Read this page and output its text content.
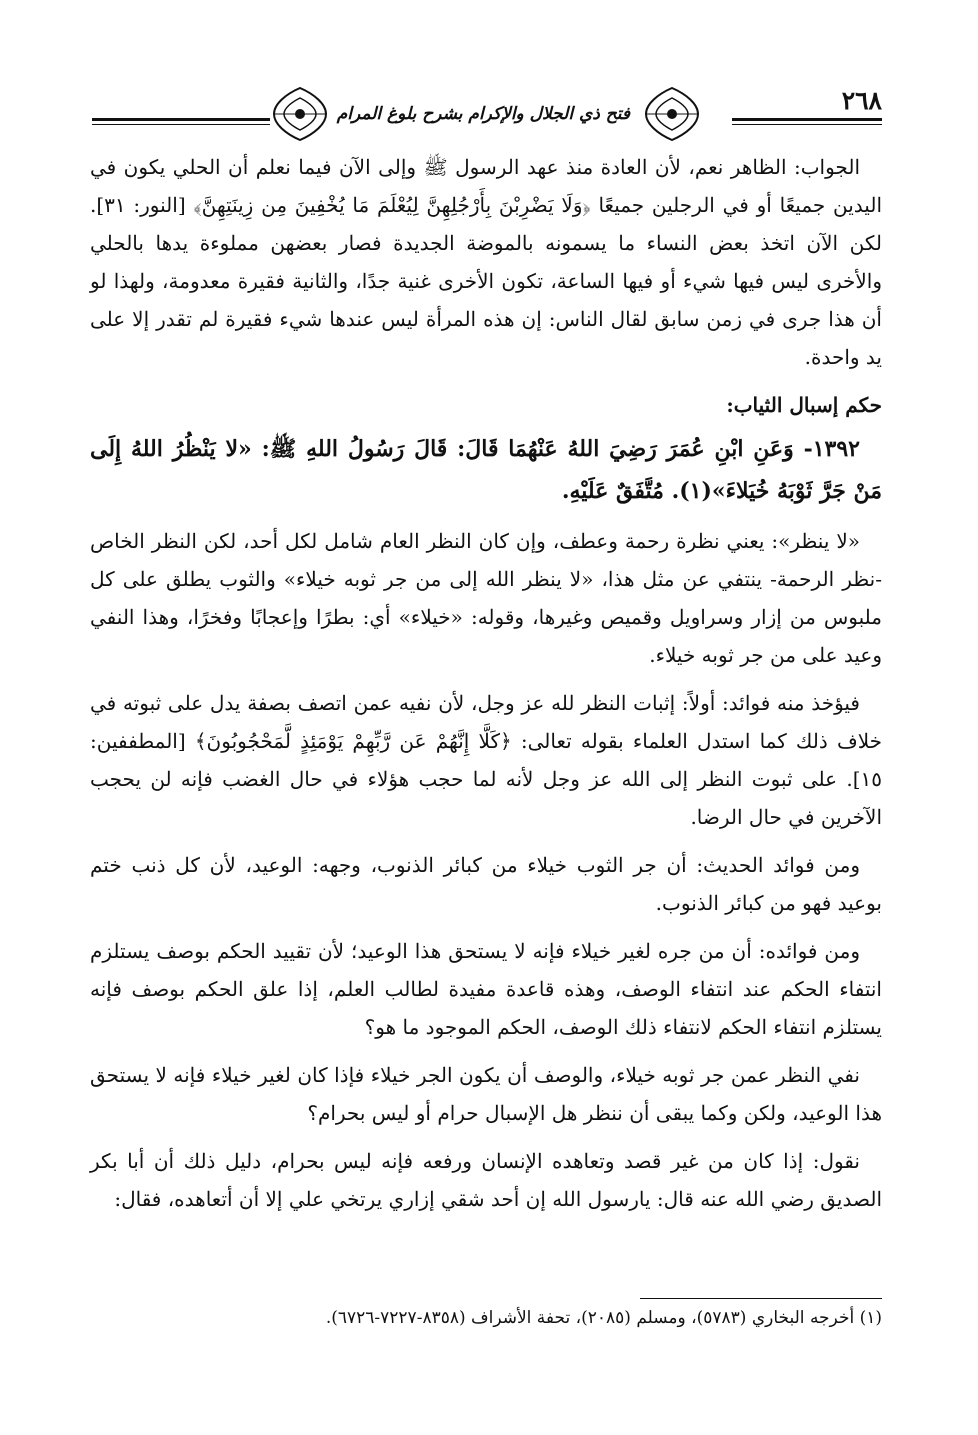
٢٦٨
فتح ذي الجلال والإكرام بشرح بلوغ المرام

الجواب: الظاهر نعم، لأن العادة منذ عهد الرسول ﷺ وإلى الآن فيما نعلم أن الحلي يكون في اليدين جميعًا أو في الرجلين جميعًا ﴿وَلَا يَضْرِبْنَ بِأَرْجُلِهِنَّ لِيُعْلَمَ مَا يُخْفِينَ مِن زِينَتِهِنَّ﴾ [النور: ٣١]. لكن الآن اتخذ بعض النساء ما يسمونه بالموضة الجديدة فصار بعضهن مملوءة يدها بالحلي والأخرى ليس فيها شيء أو فيها الساعة، تكون الأخرى غنية جدًا، والثانية فقيرة معدومة، ولهذا لو أن هذا جرى في زمن سابق لقال الناس: إن هذه المرأة ليس عندها شيء فقيرة لم تقدر إلا على يد واحدة.

حكم إسبال الثياب:

١٣٩٢- وَعَنِ ابْنِ عُمَرَ رَضِيَ اللهُ عَنْهُمَا قَالَ: قَالَ رَسُولُ اللهِ ﷺ: «لا يَنْظُرُ اللهُ إِلَى مَنْ جَرَّ ثَوْبَهُ خُيَلاءَ»(١). مُتَّفَقٌ عَلَيْهِ.

«لا ينظر»: يعني نظرة رحمة وعطف، وإن كان النظر العام شامل لكل أحد، لكن النظر الخاص -نظر الرحمة- ينتفي عن مثل هذا، «لا ينظر الله إلى من جر ثوبه خيلاء» والثوب يطلق على كل ملبوس من إزار وسراويل وقميص وغيرها، وقوله: «خيلاء» أي: بطرًا وإعجابًا وفخرًا، وهذا النفي وعيد على من جر ثوبه خيلاء.

فيؤخذ منه فوائد: أولاً: إثبات النظر لله عز وجل، لأن نفيه عمن اتصف بصفة يدل على ثبوته في خلاف ذلك كما استدل العلماء بقوله تعالى: ﴿كَلَّا إِنَّهُمْ عَن رَّبِّهِمْ يَوْمَئِذٍ لَّمَحْجُوبُونَ﴾ [المطففين: ١٥]. على ثبوت النظر إلى الله عز وجل لأنه لما حجب هؤلاء في حال الغضب فإنه لن يحجب الآخرين في حال الرضا.

ومن فوائد الحديث: أن جر الثوب خيلاء من كبائر الذنوب، وجهه: الوعيد، لأن كل ذنب ختم بوعيد فهو من كبائر الذنوب.

ومن فوائده: أن من جره لغير خيلاء فإنه لا يستحق هذا الوعيد؛ لأن تقييد الحكم بوصف يستلزم انتفاء الحكم عند انتفاء الوصف، وهذه قاعدة مفيدة لطالب العلم، إذا علق الحكم بوصف فإنه يستلزم انتفاء الحكم لانتفاء ذلك الوصف، الحكم الموجود ما هو؟

نفي النظر عمن جر ثوبه خيلاء، والوصف أن يكون الجر خيلاء فإذا كان لغير خيلاء فإنه لا يستحق هذا الوعيد، ولكن وكما يبقى أن ننظر هل الإسبال حرام أو ليس بحرام؟

نقول: إذا كان من غير قصد وتعاهده الإنسان ورفعه فإنه ليس بحرام، دليل ذلك أن أبا بكر الصديق رضي الله عنه قال: يارسول الله إن أحد شقي إزاري يرتخي علي إلا أن أتعاهده، فقال:

(١) أخرجه البخاري (٥٧٨٣)، ومسلم (٢٠٨٥)، تحفة الأشراف (٨٣٥٨-٧٢٢٧-٦٧٢٦).
